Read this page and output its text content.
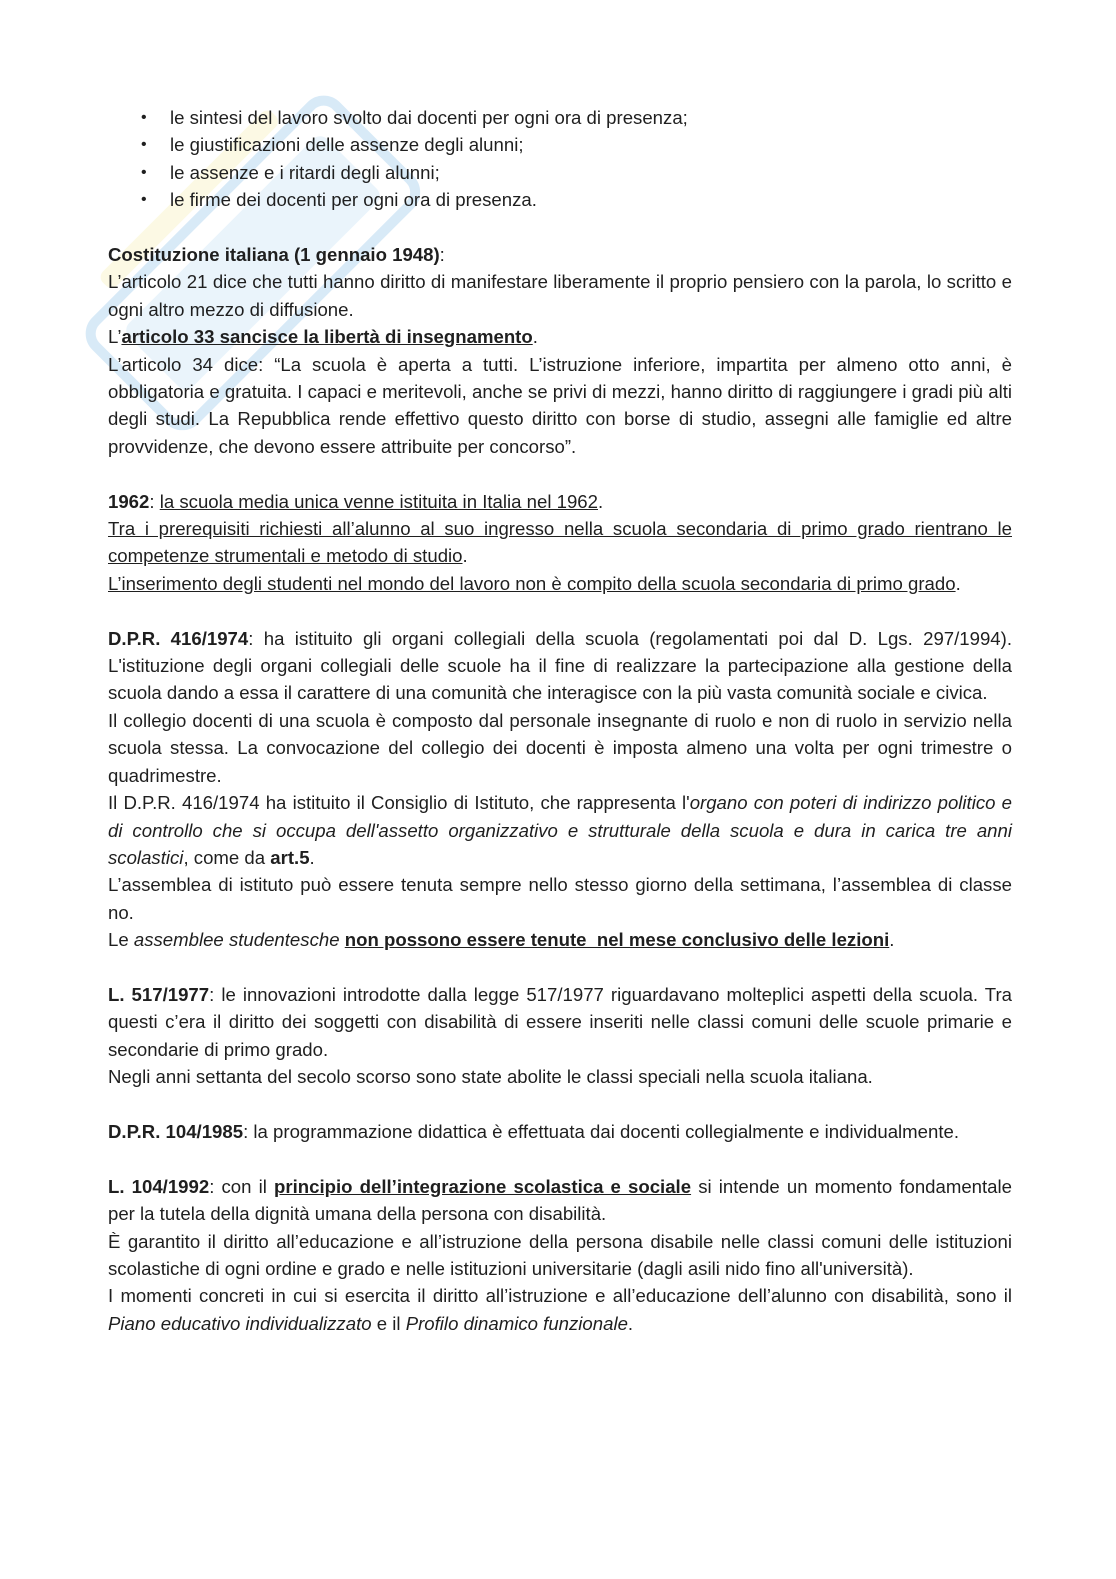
• le sintesi del lavoro svolto dai docenti per ogni ora di presenza;
• le giustificazioni delle assenze degli alunni;
• le assenze e i ritardi degli alunni;
• le firme dei docenti per ogni ora di presenza.

Costituzione italiana (1 gennaio 1948):

L’articolo 21 dice che tutti hanno diritto di manifestare liberamente il proprio pensiero con la parola, lo scritto e ogni altro mezzo di diffusione.

L’articolo 33 sancisce la libertà di insegnamento.

L’articolo 34 dice: “La scuola è aperta a tutti. L’istruzione inferiore, impartita per almeno otto anni, è obbligatoria e gratuita. I capaci e meritevoli, anche se privi di mezzi, hanno diritto di raggiungere i gradi più alti degli studi. La Repubblica rende effettivo questo diritto con borse di studio, assegni alle famiglie ed altre provvidenze, che devono essere attribuite per concorso”.

1962: la scuola media unica venne istituita in Italia nel 1962.

Tra i prerequisiti richiesti all’alunno al suo ingresso nella scuola secondaria di primo grado rientrano le competenze strumentali e metodo di studio.

L’inserimento degli studenti nel mondo del lavoro non è compito della scuola secondaria di primo grado.

D.P.R. 416/1974: ha istituito gli organi collegiali della scuola (regolamentati poi dal D. Lgs. 297/1994). L'istituzione degli organi collegiali delle scuole ha il fine di realizzare la partecipazione alla gestione della scuola dando a essa il carattere di una comunità che interagisce con la più vasta comunità sociale e civica.

Il collegio docenti di una scuola è composto dal personale insegnante di ruolo e non di ruolo in servizio nella scuola stessa. La convocazione del collegio dei docenti è imposta almeno una volta per ogni trimestre o quadrimestre.

Il D.P.R. 416/1974 ha istituito il Consiglio di Istituto, che rappresenta l'organo con poteri di indirizzo politico e di controllo che si occupa dell'assetto organizzativo e strutturale della scuola e dura in carica tre anni scolastici, come da art.5.

L’assemblea di istituto può essere tenuta sempre nello stesso giorno della settimana, l’assemblea di classe no.

Le assemblee studentesche non possono essere tenute  nel mese conclusivo delle lezioni.

L. 517/1977: le innovazioni introdotte dalla legge 517/1977 riguardavano molteplici aspetti della scuola. Tra questi c’era il diritto dei soggetti con disabilità di essere inseriti nelle classi comuni delle scuole primarie e secondarie di primo grado.

Negli anni settanta del secolo scorso sono state abolite le classi speciali nella scuola italiana.

D.P.R. 104/1985: la programmazione didattica è effettuata dai docenti collegialmente e individualmente.

L. 104/1992: con il principio dell’integrazione scolastica e sociale si intende un momento fondamentale per la tutela della dignità umana della persona con disabilità.

È garantito il diritto all’educazione e all’istruzione della persona disabile nelle classi comuni delle istituzioni scolastiche di ogni ordine e grado e nelle istituzioni universitarie (dagli asili nido fino all'università).

I momenti concreti in cui si esercita il diritto all’istruzione e all’educazione dell’alunno con disabilità, sono il Piano educativo individualizzato e il Profilo dinamico funzionale.
